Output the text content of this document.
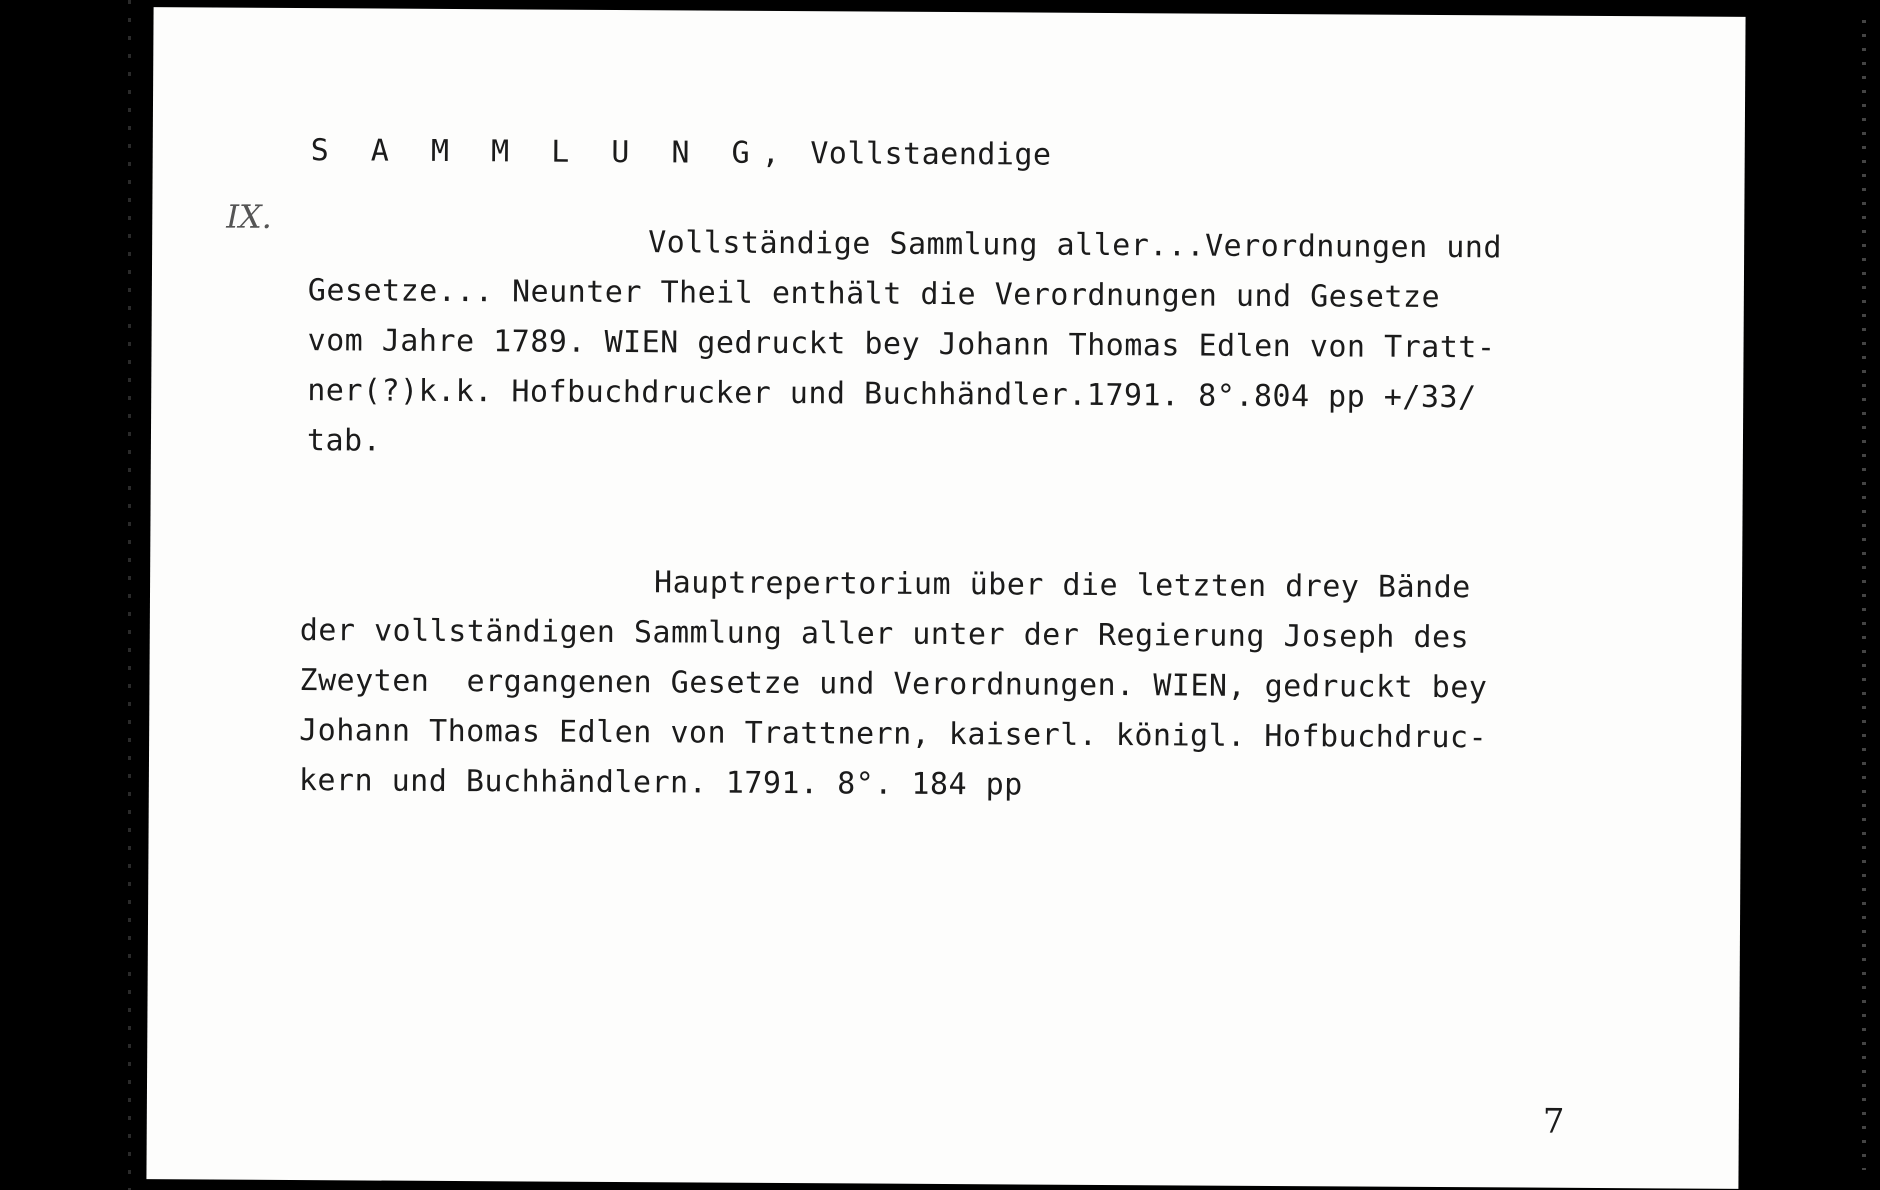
S A M M L U N G, Vollstaendige
IX.
Vollständige Sammlung aller...Verordnungen und
Gesetze... Neunter Theil enthält die Verordnungen und Gesetze
vom Jahre 1789. WIEN gedruckt bey Johann Thomas Edlen von Tratt-
ner(?)k.k. Hofbuchdrucker und Buchhändler.1791. 8°.804 pp +/33/
tab.
Hauptrepertorium über die letzten drey Bände
der vollständigen Sammlung aller unter der Regierung Joseph des
Zweyten  ergangenen Gesetze und Verordnungen. WIEN, gedruckt bey
Johann Thomas Edlen von Trattnern, kaiserl. königl. Hofbuchdruc-
kern und Buchhändlern. 1791. 8°. 184 pp
7
